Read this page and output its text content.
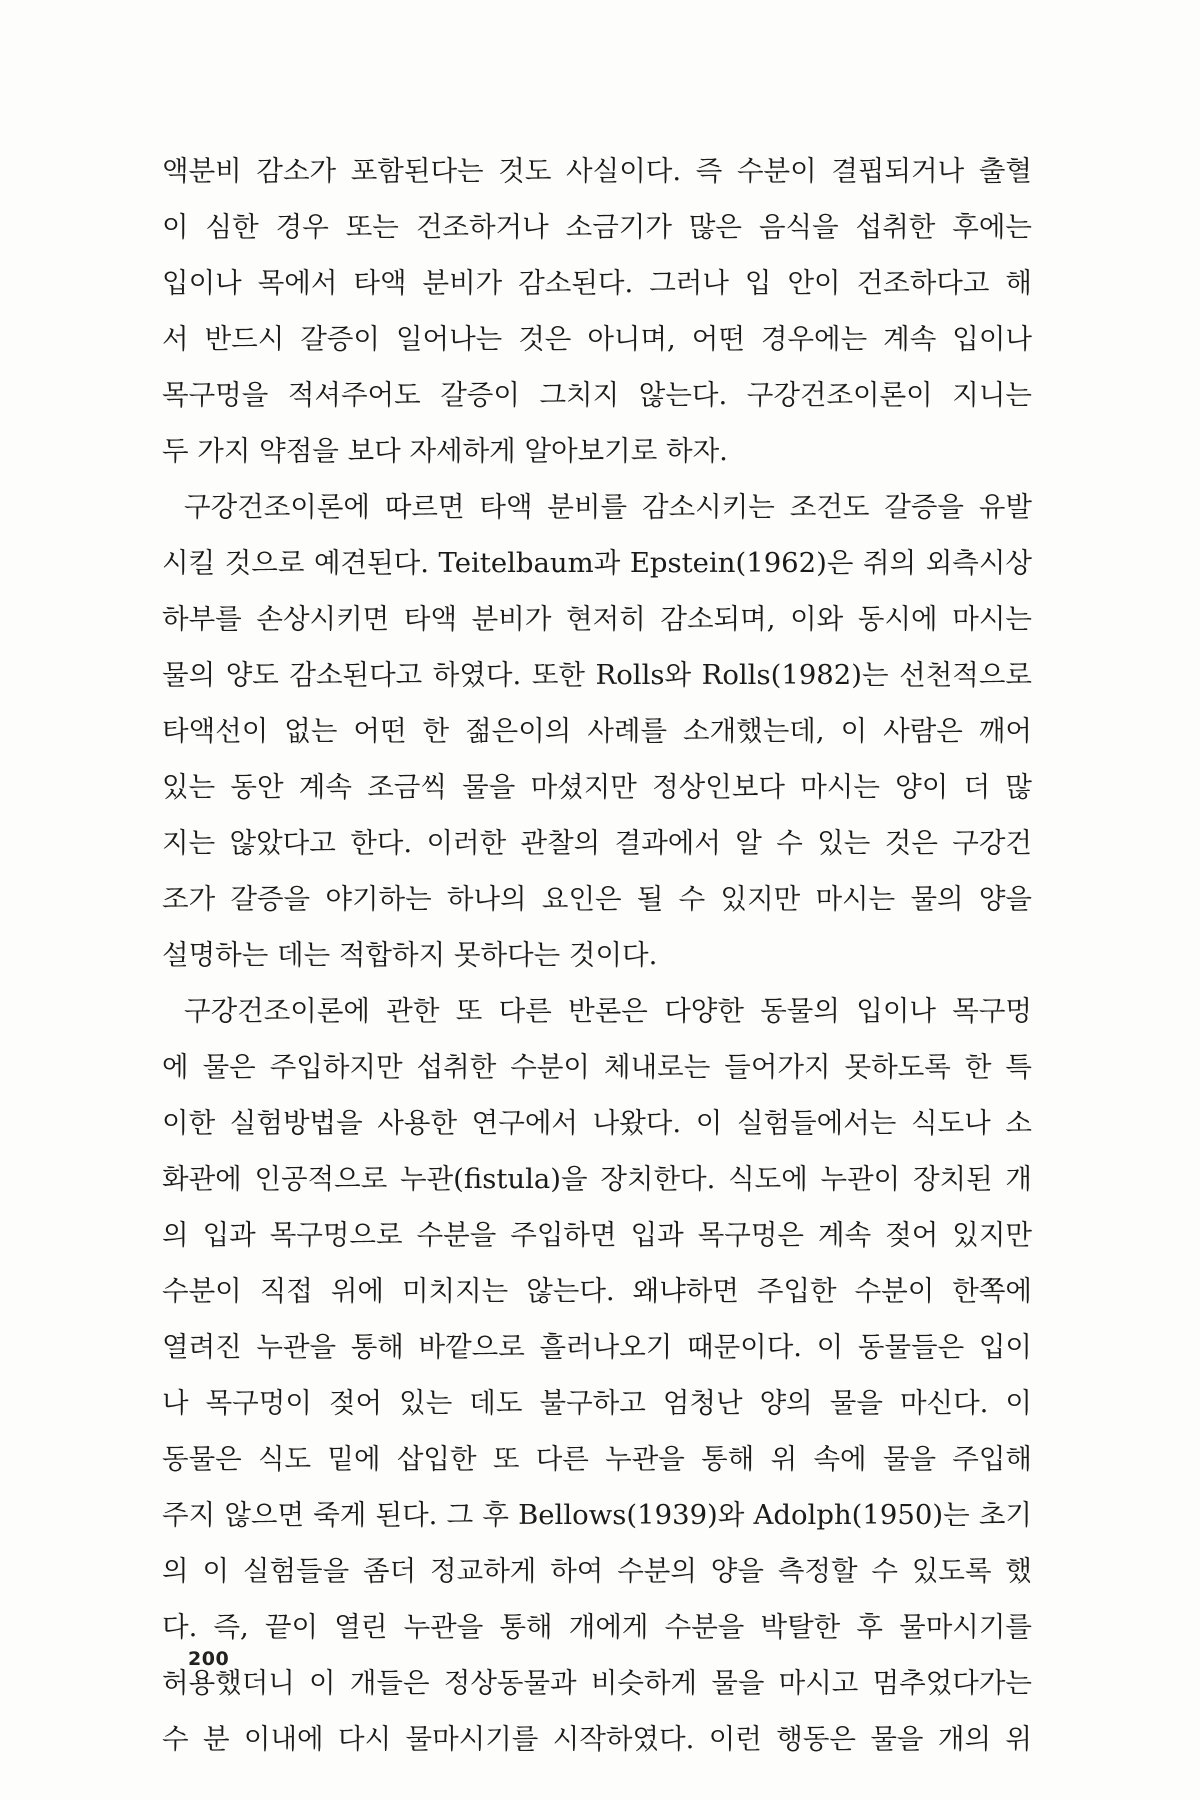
액분비 감소가 포함된다는 것도 사실이다. 즉 수분이 결핍되거나 출혈
이 심한 경우 또는 건조하거나 소금기가 많은 음식을 섭취한 후에는
입이나 목에서 타액 분비가 감소된다. 그러나 입 안이 건조하다고 해
서 반드시 갈증이 일어나는 것은 아니며, 어떤 경우에는 계속 입이나
목구멍을 적셔주어도 갈증이 그치지 않는다. 구강건조이론이 지니는
두 가지 약점을 보다 자세하게 알아보기로 하자.
구강건조이론에 따르면 타액 분비를 감소시키는 조건도 갈증을 유발
시킬 것으로 예견된다. Teitelbaum과 Epstein(1962)은 쥐의 외측시상
하부를 손상시키면 타액 분비가 현저히 감소되며, 이와 동시에 마시는
물의 양도 감소된다고 하였다. 또한 Rolls와 Rolls(1982)는 선천적으로
타액선이 없는 어떤 한 젊은이의 사례를 소개했는데, 이 사람은 깨어
있는 동안 계속 조금씩 물을 마셨지만 정상인보다 마시는 양이 더 많
지는 않았다고 한다. 이러한 관찰의 결과에서 알 수 있는 것은 구강건
조가 갈증을 야기하는 하나의 요인은 될 수 있지만 마시는 물의 양을
설명하는 데는 적합하지 못하다는 것이다.
구강건조이론에 관한 또 다른 반론은 다양한 동물의 입이나 목구멍
에 물은 주입하지만 섭취한 수분이 체내로는 들어가지 못하도록 한 특
이한 실험방법을 사용한 연구에서 나왔다. 이 실험들에서는 식도나 소
화관에 인공적으로 누관(fistula)을 장치한다. 식도에 누관이 장치된 개
의 입과 목구멍으로 수분을 주입하면 입과 목구멍은 계속 젖어 있지만
수분이 직접 위에 미치지는 않는다. 왜냐하면 주입한 수분이 한쪽에
열려진 누관을 통해 바깥으로 흘러나오기 때문이다. 이 동물들은 입이
나 목구멍이 젖어 있는 데도 불구하고 엄청난 양의 물을 마신다. 이
동물은 식도 밑에 삽입한 또 다른 누관을 통해 위 속에 물을 주입해
주지 않으면 죽게 된다. 그 후 Bellows(1939)와 Adolph(1950)는 초기
의 이 실험들을 좀더 정교하게 하여 수분의 양을 측정할 수 있도록 했
다. 즉, 끝이 열린 누관을 통해 개에게 수분을 박탈한 후 물마시기를
허용했더니 이 개들은 정상동물과 비슷하게 물을 마시고 멈추었다가는
수 분 이내에 다시 물마시기를 시작하였다. 이런 행동은 물을 개의 위
200
